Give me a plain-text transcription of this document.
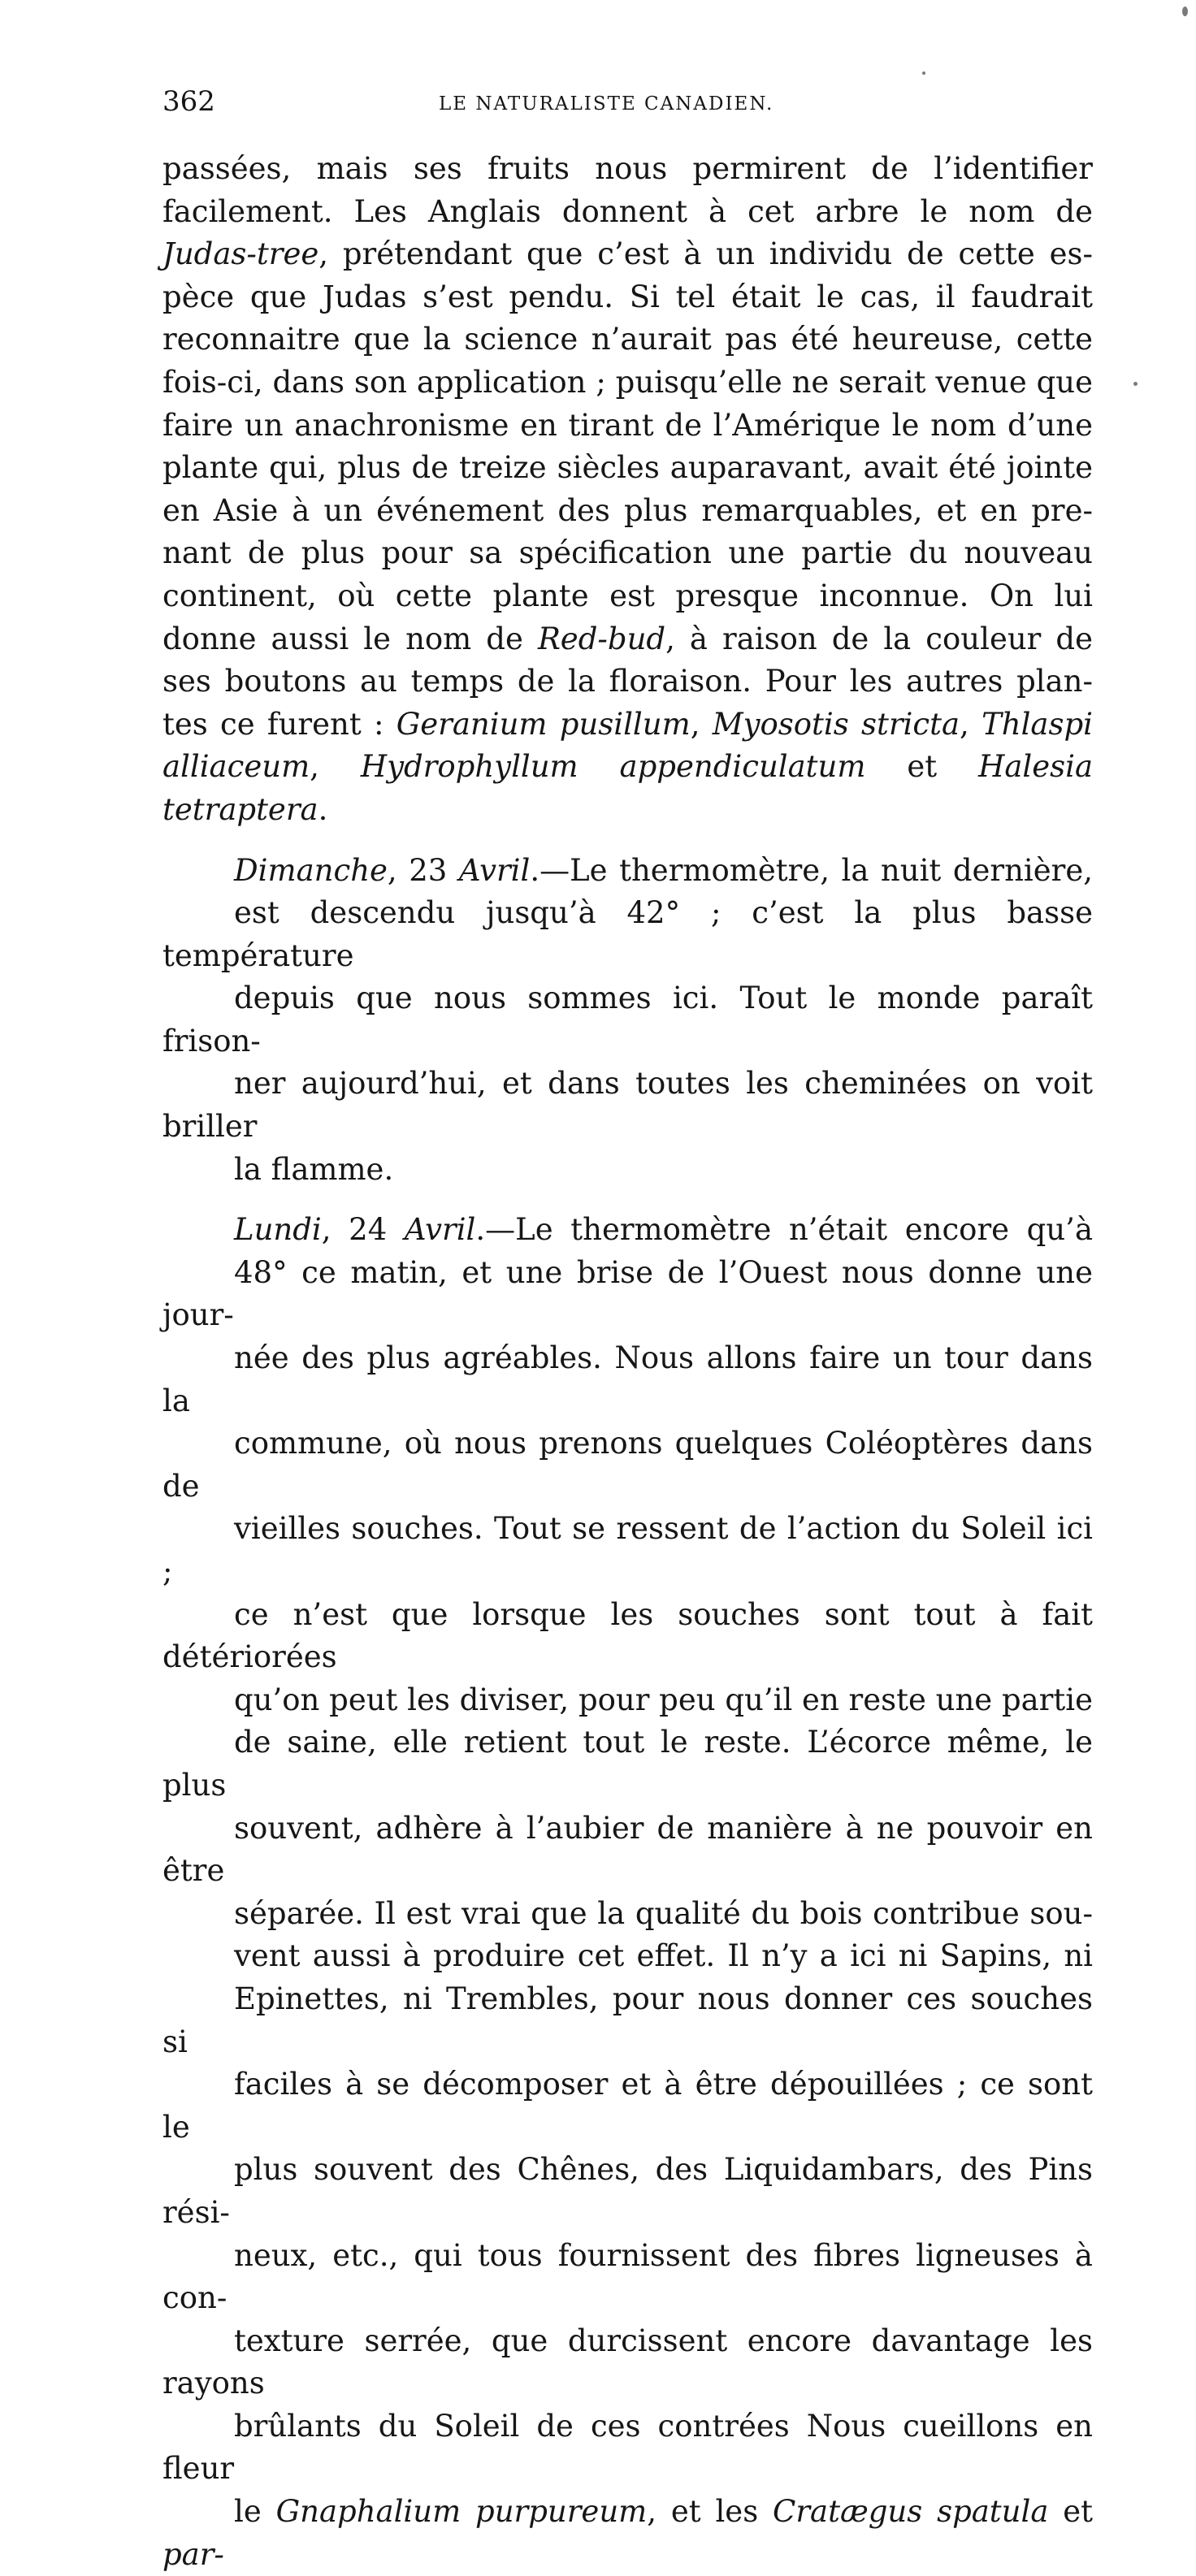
362	LE NATURALISTE CANADIEN.

passées, mais ses fruits nous permirent de l’identifier
facilement. Les Anglais donnent à cet arbre le nom de
Judas-tree, prétendant que c’est à un individu de cette es-
pèce que Judas s’est pendu. Si tel était le cas, il faudrait
reconnaitre que la science n’aurait pas été heureuse, cette
fois-ci, dans son application ; puisqu’elle ne serait venue que
faire un anachronisme en tirant de l’Amérique le nom d’une
plante qui, plus de treize siècles auparavant, avait été jointe
en Asie à un événement des plus remarquables, et en pre-
nant de plus pour sa spécification une partie du nouveau
continent, où cette plante est presque inconnue. On lui
donne aussi le nom de Red-bud, à raison de la couleur de
ses boutons au temps de la floraison. Pour les autres plan-
tes ce furent : Geranium pusillum, Myosotis stricta, Thlaspi
alliaceum, Hydrophyllum appendiculatum et Halesia tetraptera.

Dimanche, 23 Avril.—Le thermomètre, la nuit dernière,
est descendu jusqu’à 42° ; c’est la plus basse température
depuis que nous sommes ici. Tout le monde paraît frison-
ner aujourd’hui, et dans toutes les cheminées on voit briller
la flamme.

Lundi, 24 Avril.—Le thermomètre n’était encore qu’à
48° ce matin, et une brise de l’Ouest nous donne une jour-
née des plus agréables. Nous allons faire un tour dans la
commune, où nous prenons quelques Coléoptères dans de
vieilles souches. Tout se ressent de l’action du Soleil ici ;
ce n’est que lorsque les souches sont tout à fait détériorées
qu’on peut les diviser, pour peu qu’il en reste une partie
de saine, elle retient tout le reste. L’écorce même, le plus
souvent, adhère à l’aubier de manière à ne pouvoir en être
séparée. Il est vrai que la qualité du bois contribue sou-
vent aussi à produire cet effet. Il n’y a ici ni Sapins, ni
Epinettes, ni Trembles, pour nous donner ces souches si
faciles à se décomposer et à être dépouillées ; ce sont le
plus souvent des Chênes, des Liquidambars, des Pins rési-
neux, etc., qui tous fournissent des fibres ligneuses à con-
texture serrée, que durcissent encore davantage les rayons
brûlants du Soleil de ces contrées Nous cueillons en fleur
le Gnaphalium purpureum, et les Cratægus spatula et par-
